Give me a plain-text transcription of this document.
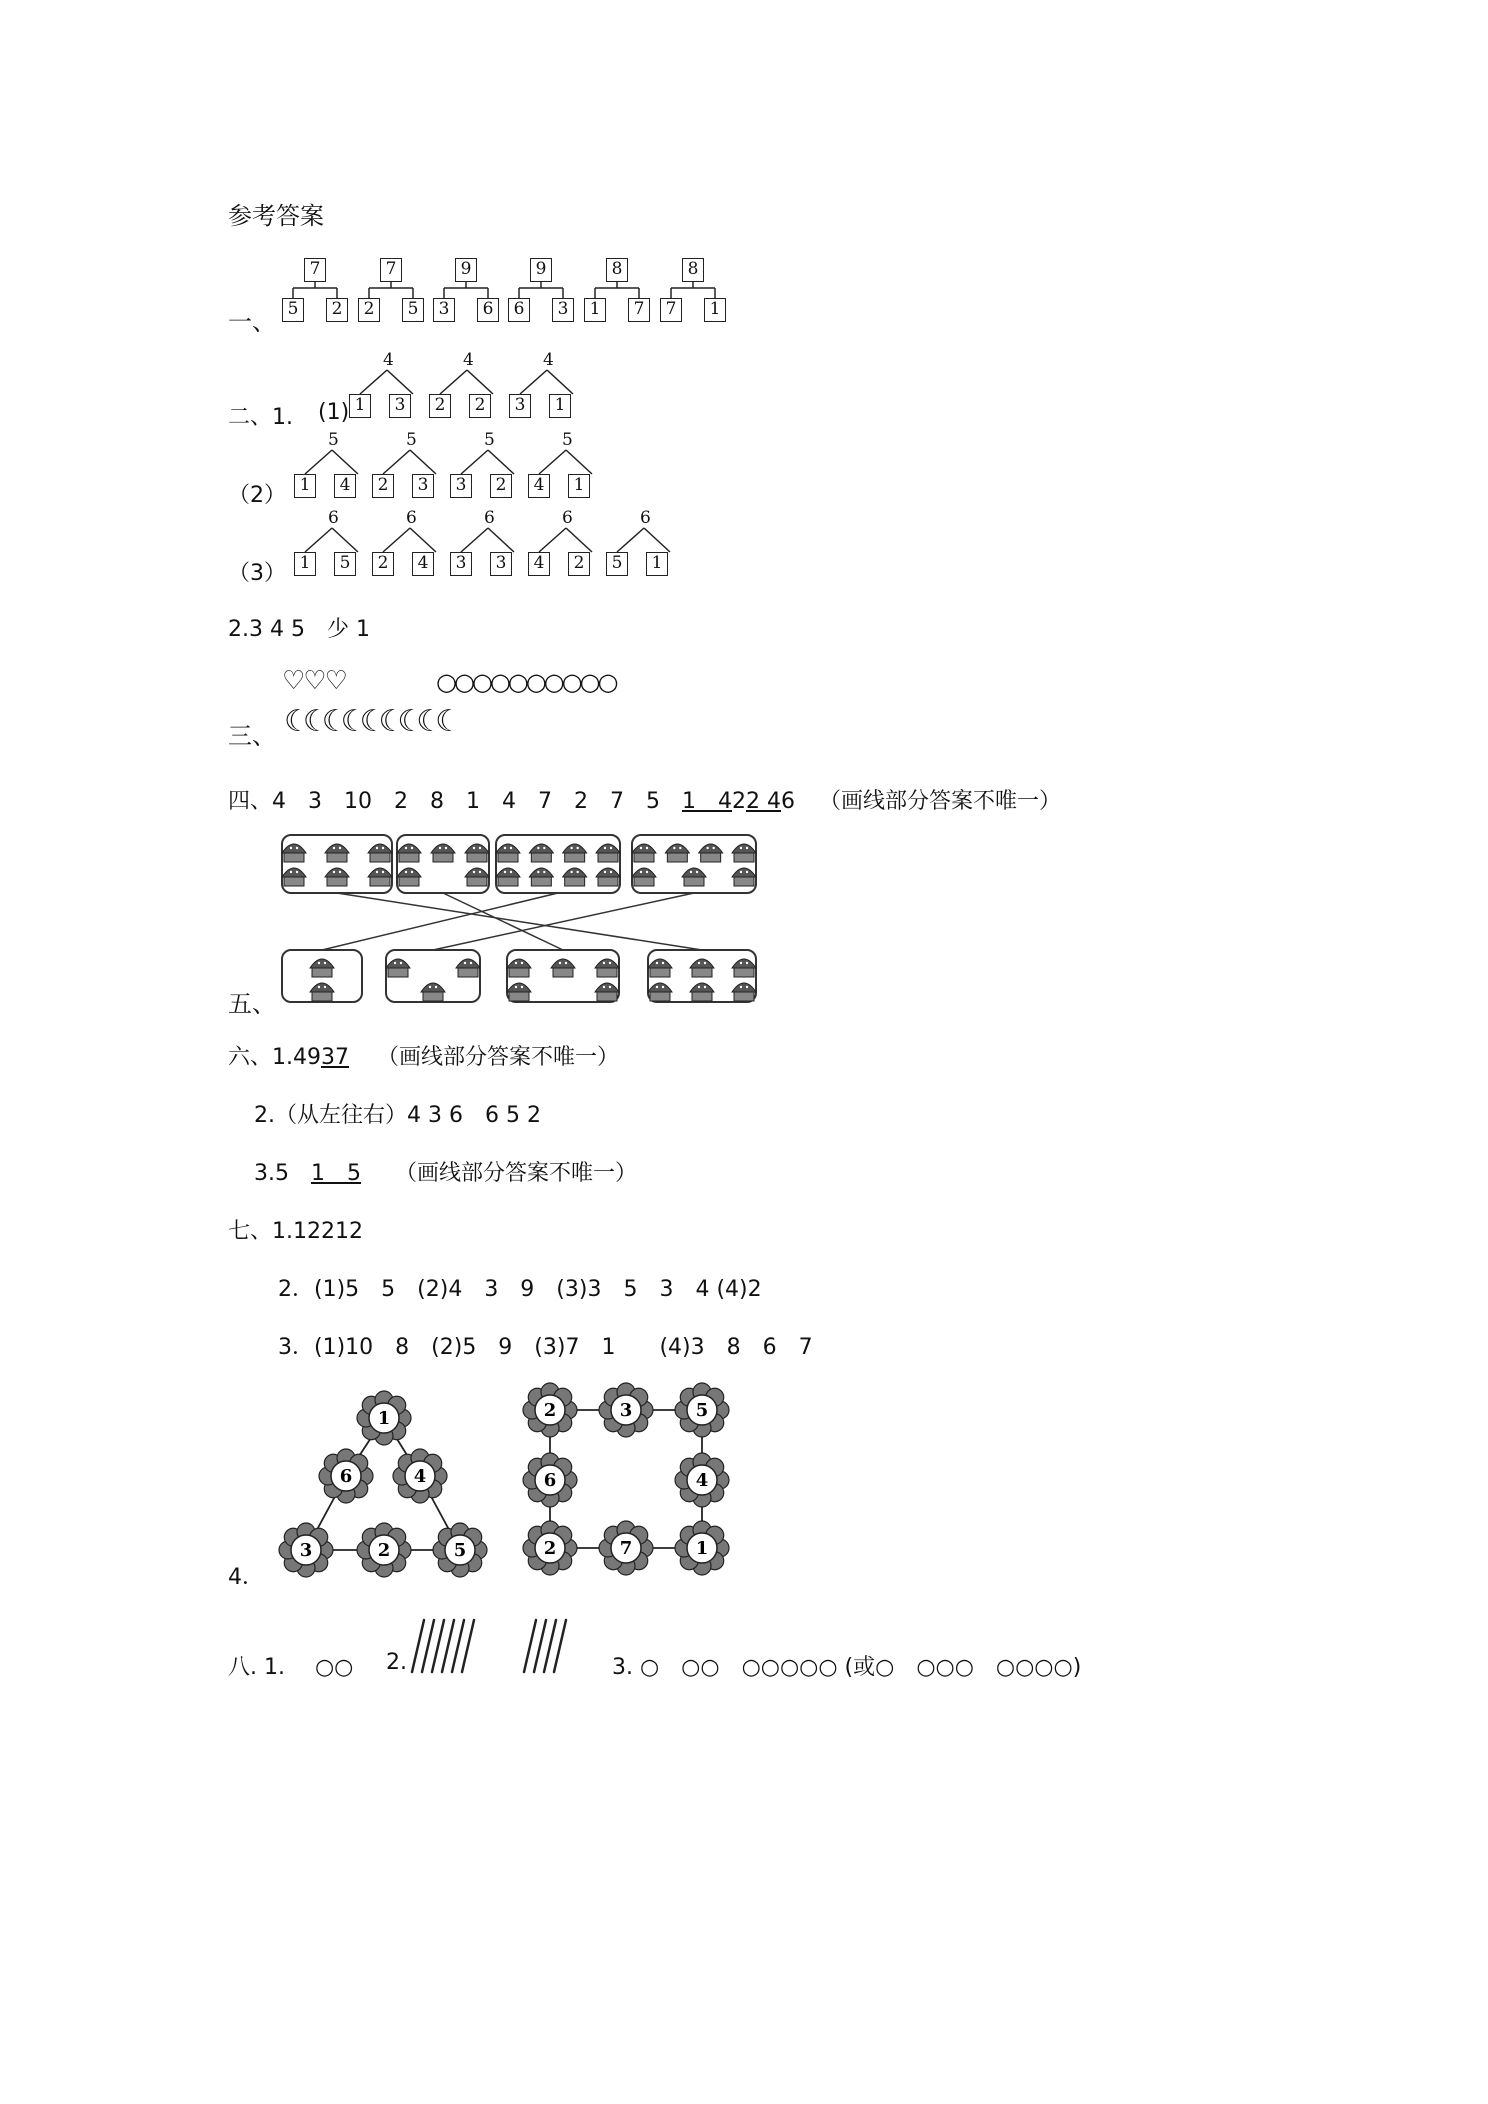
参考答案
一、
7
5	2
7
2	5
9
3	6
9
6	3
8
1	7
8
7	1
二、1. (1)
（2）
（3）
4
1	3
4
2	2
4
3	1
5
1	4
5
2	3
5
3	2
5
4	1
6
1	5
6
2	4
6
3	3
6
4	2
6
5	1
2.3 4 5　少 1
♡♡♡	○○○○○○○○○○
三、 ☾☾☾☾☾☾☾☾☾
四、4　3　10　2　8　1　4　7　2　7　5　1　422 46 （画线部分答案不唯一）
五、
六、1.4937 （画线部分答案不唯一）
2.（从左往右）4 3 6　6 5 2
3.5　1　5 （画线部分答案不唯一）
七、1.12212
2．(1)5　5　(2)4　3　9　(3)3　5　3　4 (4)2
3．(1)10　8　(2)5　9　(3)7　1　　(4)3　8　6　7
4．
1
6	4
3	2	5
2	3	5
6	4
2	7	1
八. 1. ○○ 2.	3. ○　○○　○○○○○ (或○　○○○　○○○○)
